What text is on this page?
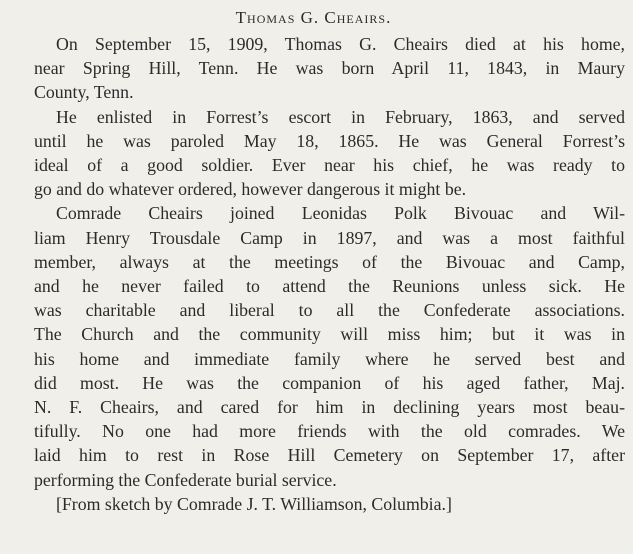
Thomas G. Cheairs.
On September 15, 1909, Thomas G. Cheairs died at his home,
near Spring Hill, Tenn. He was born April 11, 1843, in Maury
County, Tenn.
He enlisted in Forrest’s escort in February, 1863, and served
until he was paroled May 18, 1865. He was General Forrest’s
ideal of a good soldier. Ever near his chief, he was ready to
go and do whatever ordered, however dangerous it might be.
Comrade Cheairs joined Leonidas Polk Bivouac and Wil-
liam Henry Trousdale Camp in 1897, and was a most faithful
member, always at the meetings of the Bivouac and Camp,
and he never failed to attend the Reunions unless sick. He
was charitable and liberal to all the Confederate associations.
The Church and the community will miss him; but it was in
his home and immediate family where he served best and
did most. He was the companion of his aged father, Maj.
N. F. Cheairs, and cared for him in declining years most beau-
tifully. No one had more friends with the old comrades. We
laid him to rest in Rose Hill Cemetery on September 17, after
performing the Confederate burial service.
[From sketch by Comrade J. T. Williamson, Columbia.]
